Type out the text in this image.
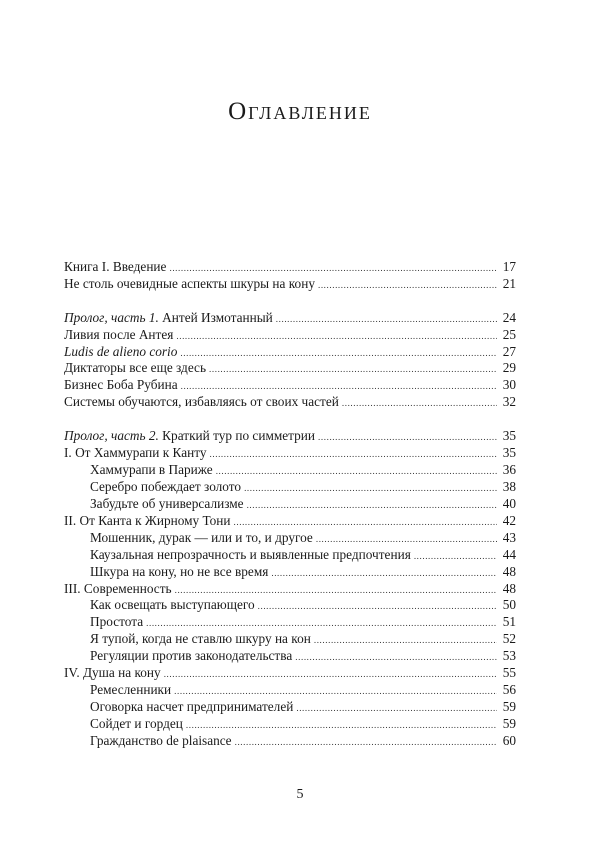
Оглавление
Книга I. Введение .....	17
Не столь очевидные аспекты шкуры на кону .....	21
Пролог, часть 1. Антей Измотанный .....	24
Ливия после Антея .....	25
Ludis de alieno corio .....	27
Диктаторы все еще здесь .....	29
Бизнес Боба Рубина .....	30
Системы обучаются, избавляясь от своих частей .....	32
Пролог, часть 2. Краткий тур по симметрии .....	35
I. От Хаммурапи к Канту .....	35
Хаммурапи в Париже .....	36
Серебро побеждает золото .....	38
Забудьте об универсализме .....	40
II. От Канта к Жирному Тони .....	42
Мошенник, дурак — или и то, и другое .....	43
Каузальная непрозрачность и выявленные предпочтения .....	44
Шкура на кону, но не все время .....	48
III. Современность .....	48
Как освещать выступающего .....	50
Простота .....	51
Я тупой, когда не ставлю шкуру на кон .....	52
Регуляции против законодательства .....	53
IV. Душа на кону .....	55
Ремесленники .....	56
Оговорка насчет предпринимателей .....	59
Сойдет и гордец .....	59
Гражданство de plaisance .....	60
5
